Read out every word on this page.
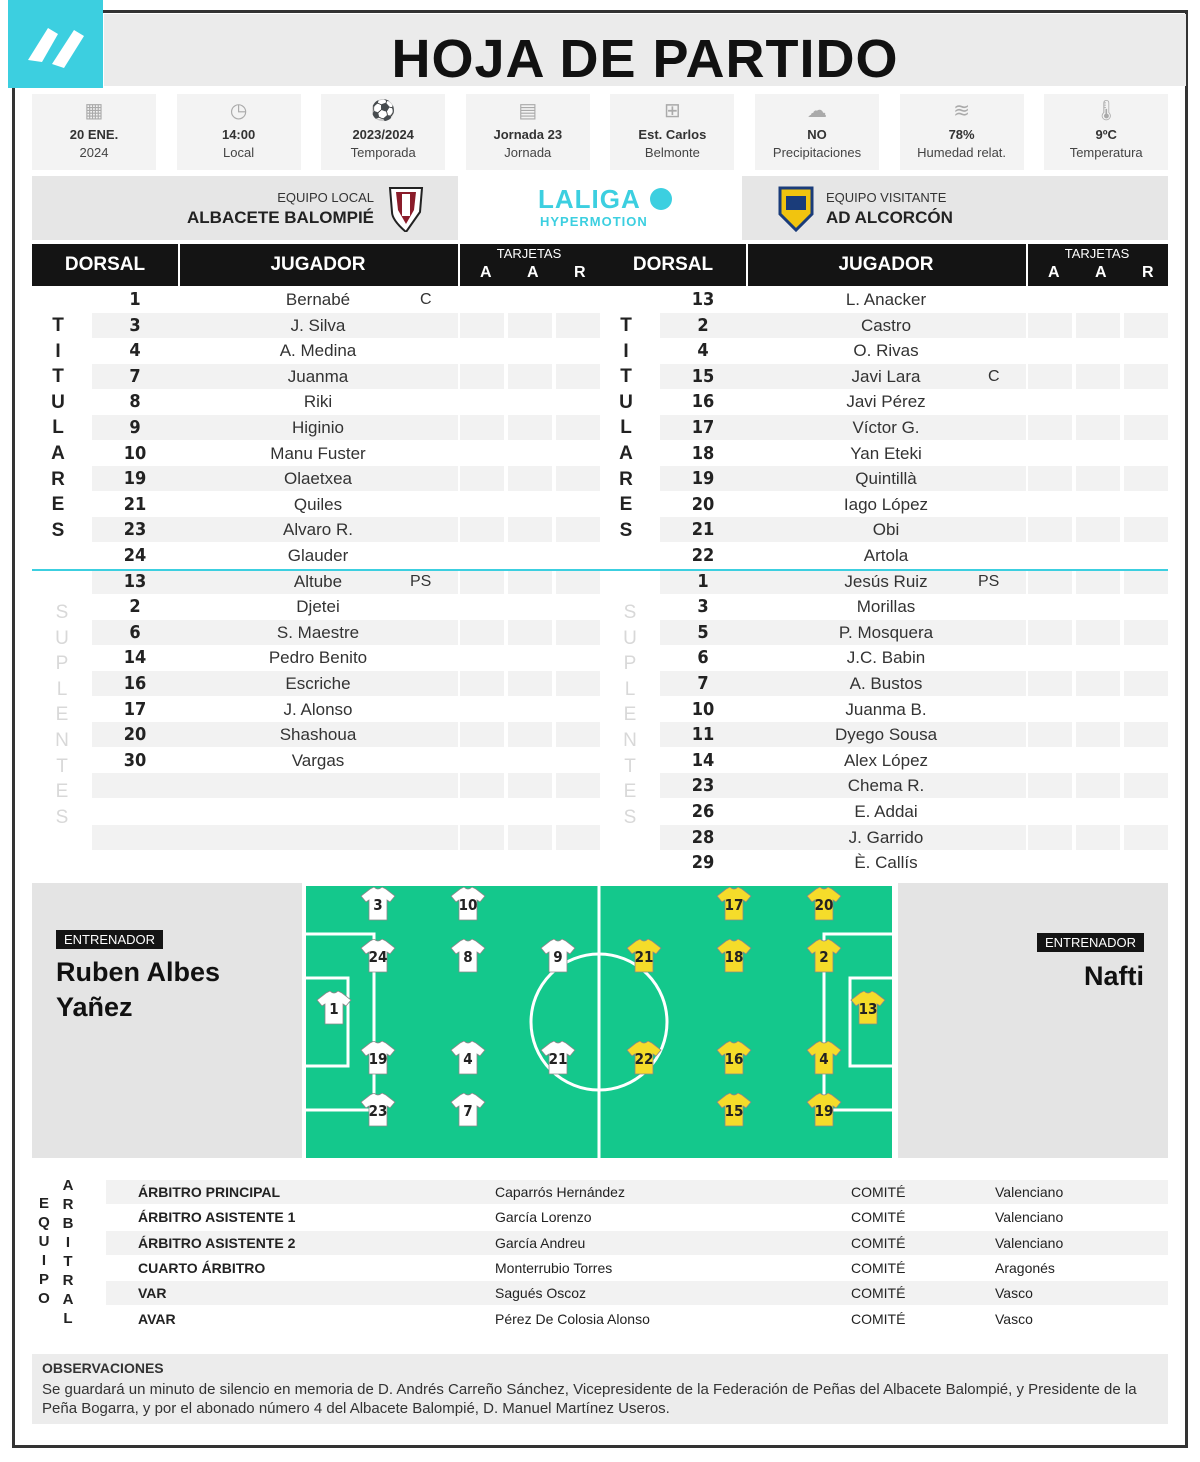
HOJA DE PARTIDO
▦
20 ENE.
2024
◷
14:00
Local
⚽
2023/2024
Temporada
▤
Jornada 23
Jornada
⊞
Est. Carlos
Belmonte
☁
NO
Precipitaciones
≋
78%
Humedad relat.
🌡
9ºC
Temperatura
EQUIPO LOCAL
ALBACETE BALOMPIÉ
LALIGA
HYPERMOTION
EQUIPO VISITANTE
AD ALCORCÓN
DORSAL	JUGADOR
TARJETAS
A A R	DORSAL	JUGADOR
TARJETAS
A A R
1	Bernabé	C
3	J. Silva
4	A. Medina
7	Juanma
8	Riki
9	Higinio
10	Manu Fuster
19	Olaetxea
21	Quiles
23	Alvaro R.
24	Glauder
13	Altube	PS
2	Djetei
6	S. Maestre
14	Pedro Benito
16	Escriche
17	J. Alonso
20	Shashoua
30	Vargas
13	L. Anacker
2	Castro
4	O. Rivas
15	Javi Lara	C
16	Javi Pérez
17	Víctor G.
18	Yan Eteki
19	Quintillà
20	Iago López
21	Obi
22	Artola
1	Jesús Ruiz	PS
3	Morillas
5	P. Mosquera
6	J.C. Babin
7	A. Bustos
10	Juanma B.
11	Dyego Sousa
14	Alex López
23	Chema R.
26	E. Addai
28	J. Garrido
29	È. Callís
T
I
T
U
L
A
R
E
S
S
U
P
L
E
N
T
E
S
T
I
T
U
L
A
R
E
S
S
U
P
L
E
N
T
E
S
ENTRENADOR
Ruben Albes Yañez
ENTRENADOR
Nafti
3	10
24	8	9
1
19	4	21
23	7
17	20
21	18	2
13
22	16	4
15	19
E
Q
U
I
P
O
A
R
B
I
T
R
A
L
ÁRBITRO PRINCIPAL	Caparrós Hernández	COMITÉ	Valenciano
ÁRBITRO ASISTENTE 1	García Lorenzo	COMITÉ	Valenciano
ÁRBITRO ASISTENTE 2	García Andreu	COMITÉ	Valenciano
CUARTO ÁRBITRO	Monterrubio Torres	COMITÉ	Aragonés
VAR	Sagués Oscoz	COMITÉ	Vasco
AVAR	Pérez De Colosia Alonso	COMITÉ	Vasco
OBSERVACIONES
Se guardará un minuto de silencio en memoria de D. Andrés Carreño Sánchez, Vicepresidente de la Federación de Peñas del Albacete Balompié, y Presidente de la Peña Bogarra, y por el abonado número 4 del Albacete Balompié, D. Manuel Martínez Useros.
